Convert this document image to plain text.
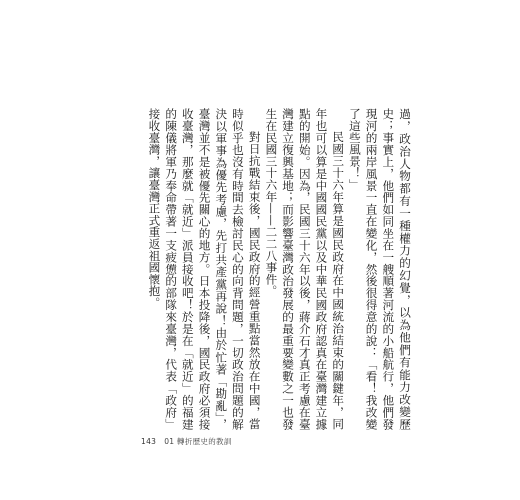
過，政治人物都有一種權力的幻覺，以為他們有能力改變歷史；事實上，他們如同坐在一艘順著河流的小船航行，他們發現河的兩岸風景一直在變化，然後很得意的說：「看！我改變了這些風景！」

民國三十六年算是國民政府在中國統治結束的關鍵年，同年也可以算是中國國民黨以及中華民國政府認真在臺灣建立據點的開始。因為，民國三十六年以後，蔣介石才真正考慮在臺灣建立復興基地；而影響臺灣政治發展的最重要變數之一也發生在民國三十六年——二二八事件。

對日抗戰結束後，國民政府的經營重點當然放在中國，當時似乎也沒有時間去檢討民心的向背問題，一切政治問題的解決以軍事為優先考慮，先打共產黨再說！由於忙著「勘亂」，臺灣並不是被優先關心的地方。日本投降後，國民政府必須接收臺灣，那麼就「就近」派員接收吧！於是在「就近」的福建的陳儀將軍乃奉命帶著一支疲憊的部隊來臺灣，代表「政府」接收臺灣，讓臺灣正式重返祖國懷抱。

143 01 轉折歷史的教訓
